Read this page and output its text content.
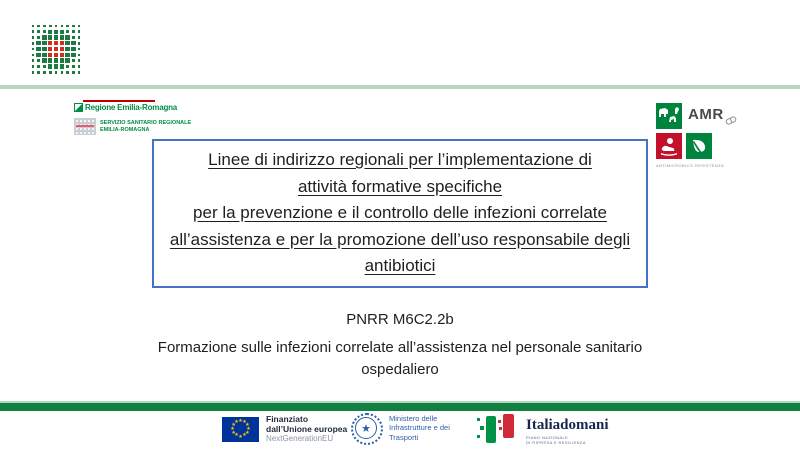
Regione Emilia-Romagna
SERVIZIO SANITARIO REGIONALE
EMILIA-ROMAGNA
AMR
ANTIMICROBICO RESISTENZA
Linee di indirizzo regionali per l’implementazione di
attività formative specifiche
per la prevenzione e il controllo delle infezioni correlate
all’assistenza e per la promozione dell’uso responsabile degli
antibiotici
PNRR M6C2.2b
Formazione sulle infezioni correlate all’assistenza nel personale sanitario ospedaliero
★ ★
★
★
★
★
★
★
★
★
★
★	Finanziato
dall’Unione europea
NextGenerationEU
★
Ministero delle
Infrastrutture e dei
Trasporti
Italiadomani
PIANO NAZIONALE
DI RIPRESA E RESILIENZA
